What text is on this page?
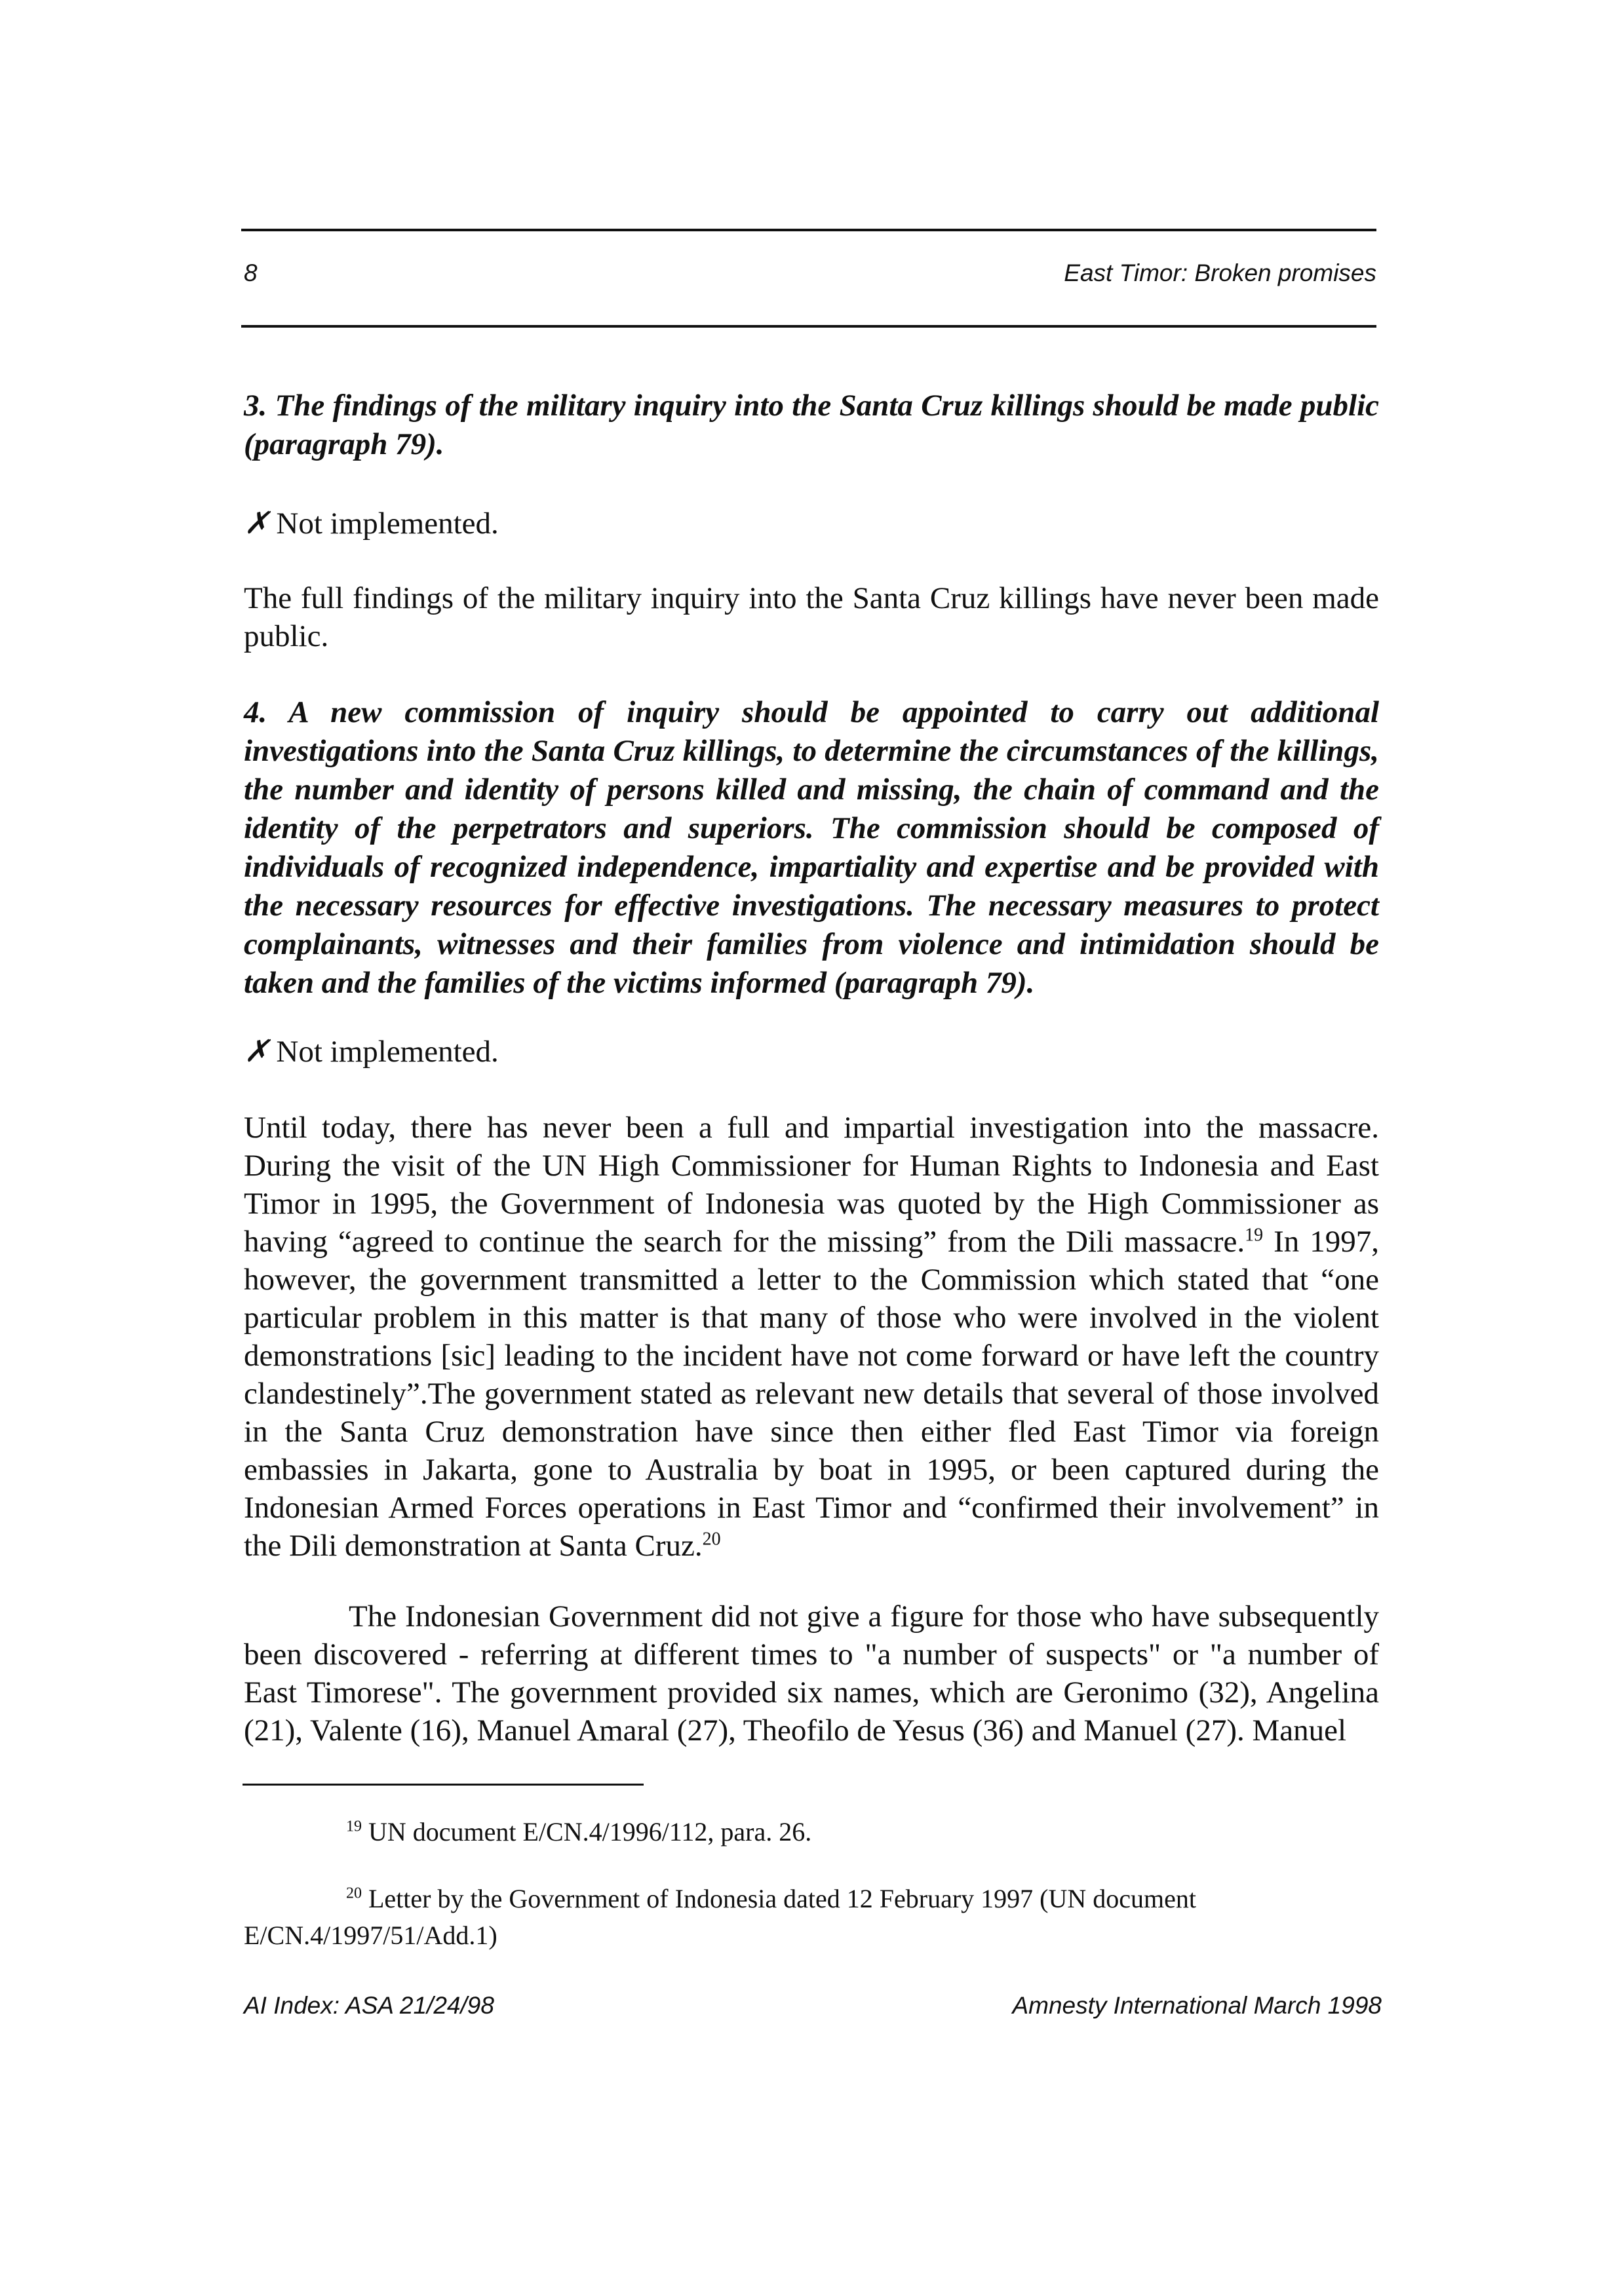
8	East Timor: Broken promises

3. The findings of the military inquiry into the Santa Cruz killings should be made public (paragraph 79).

✗ Not implemented.

The full findings of the military inquiry into the Santa Cruz killings have never been made public.

4. A new commission of inquiry should be appointed to carry out additional investigations into the Santa Cruz killings, to determine the circumstances of the killings, the number and identity of persons killed and missing, the chain of command and the identity of the perpetrators and superiors. The commission should be composed of individuals of recognized independence, impartiality and expertise and be provided with the necessary resources for effective investigations. The necessary measures to protect complainants, witnesses and their families from violence and intimidation should be taken and the families of the victims informed (paragraph 79).

✗ Not implemented.

Until today, there has never been a full and impartial investigation into the massacre. During the visit of the UN High Commissioner for Human Rights to Indonesia and East Timor in 1995, the Government of Indonesia was quoted by the High Commissioner as having “agreed to continue the search for the missing” from the Dili massacre.$^{19}$ In 1997, however, the government transmitted a letter to the Commission which stated that “one particular problem in this matter is that many of those who were involved in the violent demonstrations [sic] leading to the incident have not come forward or have left the country clandestinely”.The government stated as relevant new details that several of those involved in the Santa Cruz demonstration have since then either fled East Timor via foreign embassies in Jakarta, gone to Australia by boat in 1995, or been captured during the Indonesian Armed Forces operations in East Timor and “confirmed their involvement” in the Dili demonstration at Santa Cruz.$^{20}$

The Indonesian Government did not give a figure for those who have subsequently been discovered - referring at different times to "a number of suspects" or "a number of East Timorese". The government provided six names, which are Geronimo (32), Angelina (21), Valente (16), Manuel Amaral (27), Theofilo de Yesus (36) and Manuel (27). Manuel

$^{19}$ UN document E/CN.4/1996/112, para. 26.

$^{20}$ Letter by the Government of Indonesia dated 12 February 1997 (UN document E/CN.4/1997/51/Add.1)

AI Index: ASA 21/24/98	Amnesty International March 1998
